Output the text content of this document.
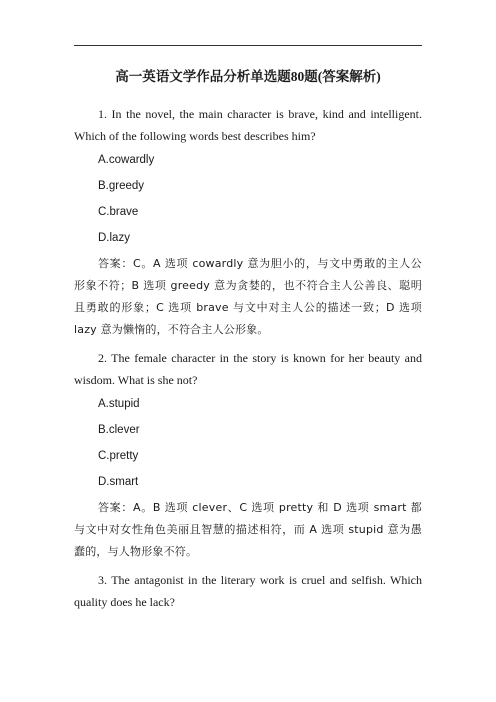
高一英语文学作品分析单选题80题(答案解析)

1. In the novel, the main character is brave, kind and intelligent. Which of the following words best describes him?

A.cowardly
B.greedy
C.brave
D.lazy

答案：C。A 选项 cowardly 意为胆小的，与文中勇敢的主人公形象不符；B 选项 greedy 意为贪婪的，也不符合主人公善良、聪明且勇敢的形象；C 选项 brave 与文中对主人公的描述一致；D 选项 lazy 意为懒惰的，不符合主人公形象。

2. The female character in the story is known for her beauty and wisdom. What is she not?

A.stupid
B.clever
C.pretty
D.smart

答案：A。B 选项 clever、C 选项 pretty 和 D 选项 smart 都与文中对女性角色美丽且智慧的描述相符，而 A 选项 stupid 意为愚蠢的，与人物形象不符。

3. The antagonist in the literary work is cruel and selfish. Which quality does he lack?
